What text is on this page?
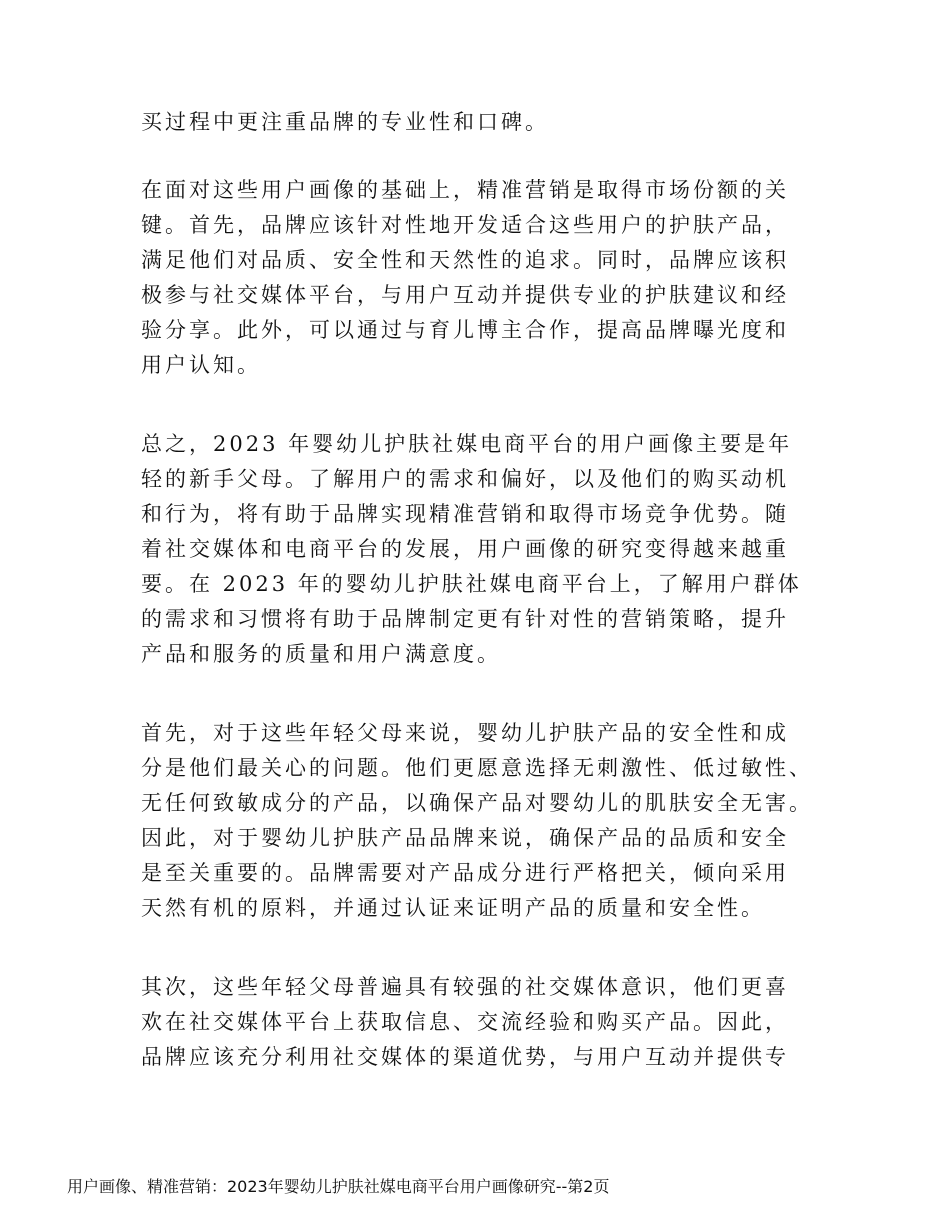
买过程中更注重品牌的专业性和口碑。
在面对这些用户画像的基础上，精准营销是取得市场份额的关
键。首先，品牌应该针对性地开发适合这些用户的护肤产品，
满足他们对品质、安全性和天然性的追求。同时，品牌应该积
极参与社交媒体平台，与用户互动并提供专业的护肤建议和经
验分享。此外，可以通过与育儿博主合作，提高品牌曝光度和
用户认知。
总之，2023 年婴幼儿护肤社媒电商平台的用户画像主要是年
轻的新手父母。了解用户的需求和偏好，以及他们的购买动机
和行为，将有助于品牌实现精准营销和取得市场竞争优势。随
着社交媒体和电商平台的发展，用户画像的研究变得越来越重
要。在 2023 年的婴幼儿护肤社媒电商平台上，了解用户群体
的需求和习惯将有助于品牌制定更有针对性的营销策略，提升
产品和服务的质量和用户满意度。
首先，对于这些年轻父母来说，婴幼儿护肤产品的安全性和成
分是他们最关心的问题。他们更愿意选择无刺激性、低过敏性、
无任何致敏成分的产品，以确保产品对婴幼儿的肌肤安全无害。
因此，对于婴幼儿护肤产品品牌来说，确保产品的品质和安全
是至关重要的。品牌需要对产品成分进行严格把关，倾向采用
天然有机的原料，并通过认证来证明产品的质量和安全性。
其次，这些年轻父母普遍具有较强的社交媒体意识，他们更喜
欢在社交媒体平台上获取信息、交流经验和购买产品。因此，
品牌应该充分利用社交媒体的渠道优势，与用户互动并提供专
用户画像、精准营销：2023年婴幼儿护肤社媒电商平台用户画像研究--第2页
